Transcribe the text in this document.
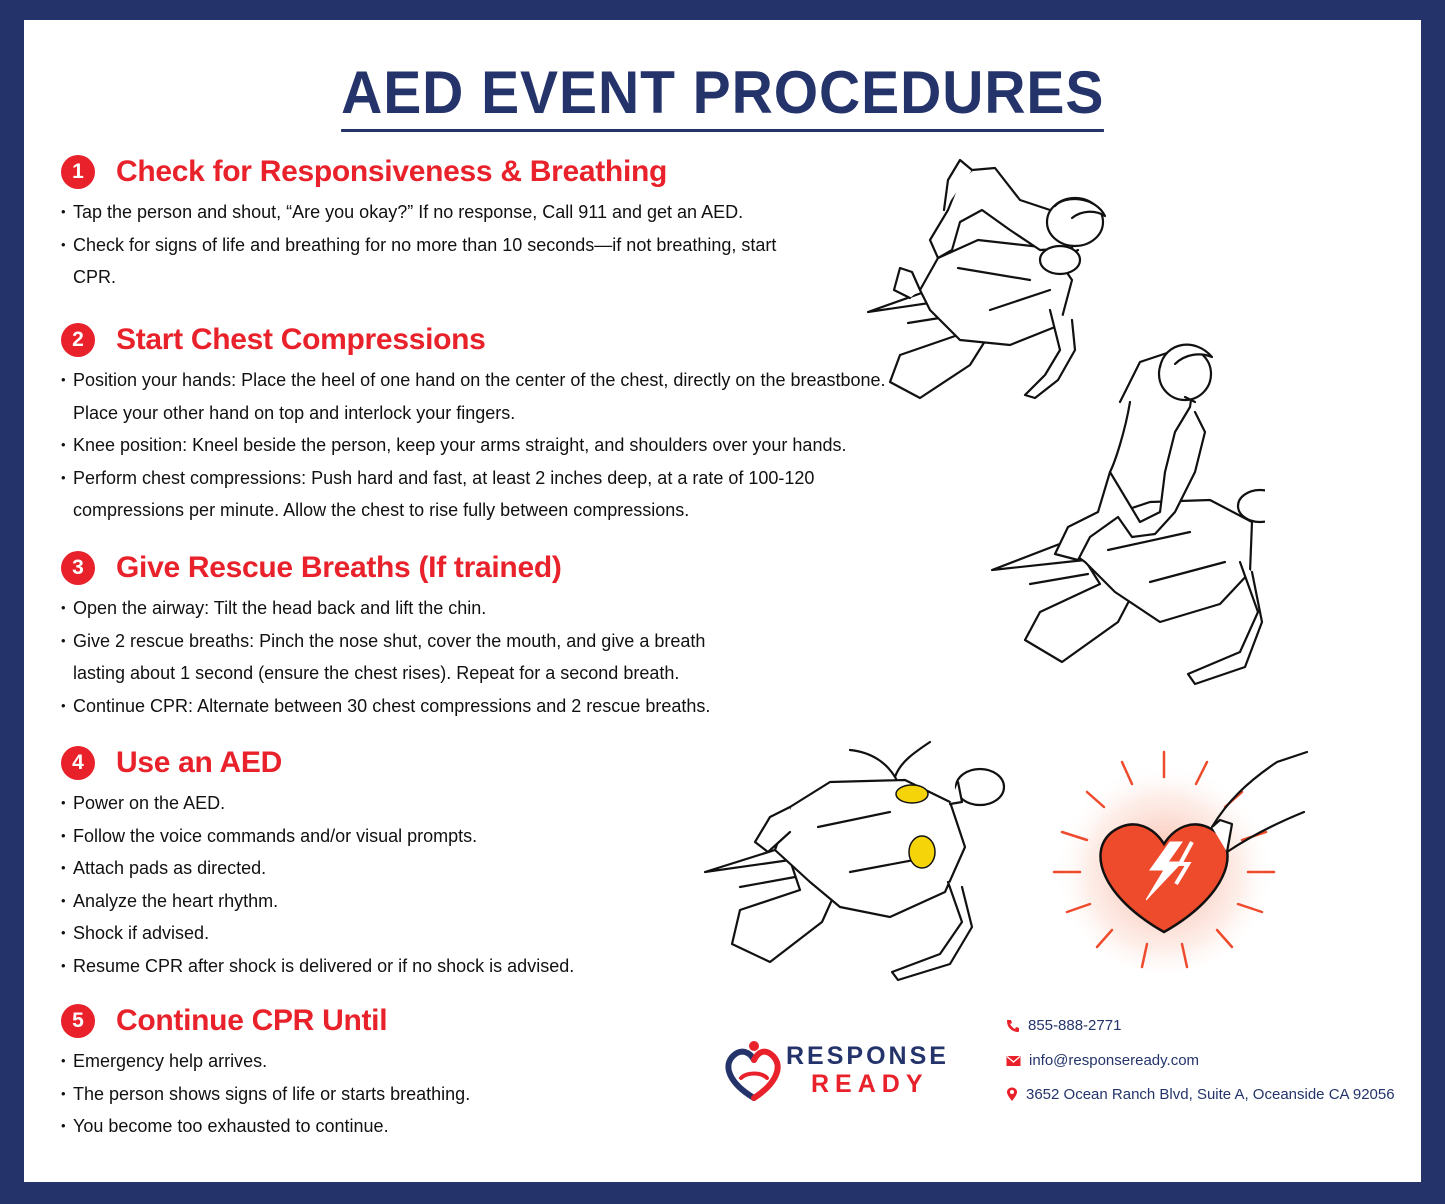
AED EVENT PROCEDURES
1	Check for Responsiveness & Breathing
• Tap the person and shout, “Are you okay?” If no response, Call 911 and get an AED.
• Check for signs of life and breathing for no more than 10 seconds—if not breathing, start CPR.
2	Start Chest Compressions
• Position your hands: Place the heel of one hand on the center of the chest, directly on the breastbone. Place your other hand on top and interlock your fingers.
• Knee position: Kneel beside the person, keep your arms straight, and shoulders over your hands.
• Perform chest compressions: Push hard and fast, at least 2 inches deep, at a rate of 100-120 compressions per minute. Allow the chest to rise fully between compressions.
3	Give Rescue Breaths (If trained)
• Open the airway: Tilt the head back and lift the chin.
• Give 2 rescue breaths: Pinch the nose shut, cover the mouth, and give a breath lasting about 1 second (ensure the chest rises). Repeat for a second breath.
• Continue CPR: Alternate between 30 chest compressions and 2 rescue breaths.
4	Use an AED
• Power on the AED.
• Follow the voice commands and/or visual prompts.
• Attach pads as directed.
• Analyze the heart rhythm.
• Shock if advised.
• Resume CPR after shock is delivered or if no shock is advised.
5	Continue CPR Until
• Emergency help arrives.
• The person shows signs of life or starts breathing.
• You become too exhausted to continue.
RESPONSE
READY
855-888-2771
info@responseready.com
3652 Ocean Ranch Blvd, Suite A, Oceanside CA 92056
